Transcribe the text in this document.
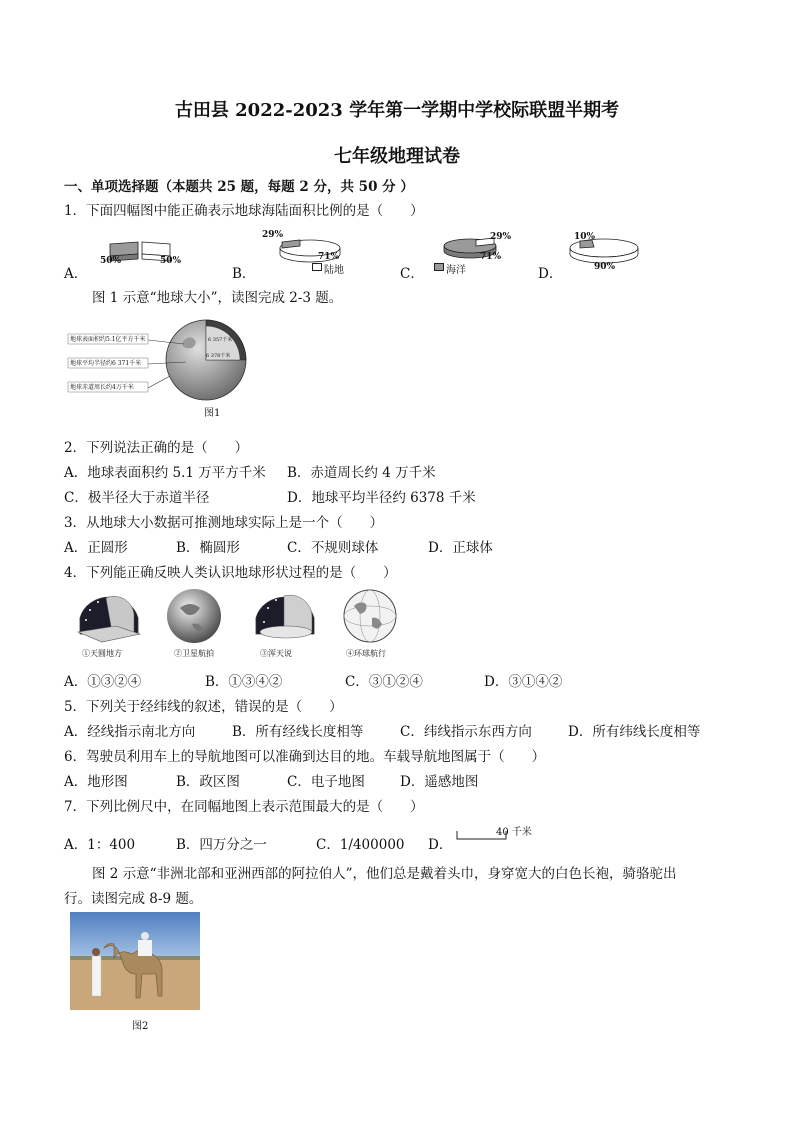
古田县 2022-2023 学年第一学期中学校际联盟半期考
七年级地理试卷
一、单项选择题（本题共 25 题，每题 2 分，共 50 分 ）
1．下面四幅图中能正确表示地球海陆面积比例的是（　　）
A．
50%	50%
B．
29%
71%
陆地	C．
29%
71%
海洋	D．
10%
90%
图 1 示意“地球大小”，读图完成 2-3 题。
地球表面积约5.1亿平方千米
地球平均半径约6 371千米
地球赤道周长约4万千米
6 357千米
6 378千米
图1
2．下列说法正确的是（　　）
A．地球表面积约 5.1 万平方千米 B．赤道周长约 4 万千米
C．极半径大于赤道半径	D．地球平均半径约 6378 千米
3．从地球大小数据可推测地球实际上是一个（　　）
A．正圆形	B．椭圆形	C．不规则球体	D．正球体
4．下列能正确反映人类认识地球形状过程的是（　　）
①天圆地方	②卫星航拍	③浑天说	④环球航行
A．①③②④	B．①③④②	C．③①②④	D．③①④②
5．下列关于经纬线的叙述，错误的是（　　）
A．经线指示南北方向	B．所有经线长度相等	C．纬线指示东西方向	D．所有纬线长度相等
6．驾驶员利用车上的导航地图可以准确到达目的地。车载导航地图属于（　　）
A．地形图	B．政区图	C．电子地图	D．遥感地图
7．下列比例尺中，在同幅地图上表示范围最大的是（　　）
A．1：400	B．四万分之一	C．1/400000 D．
40 千米
图 2 示意“非洲北部和亚洲西部的阿拉伯人”，他们总是戴着头巾，身穿宽大的白色长袍，骑骆驼出
行。读图完成 8-9 题。
图2
